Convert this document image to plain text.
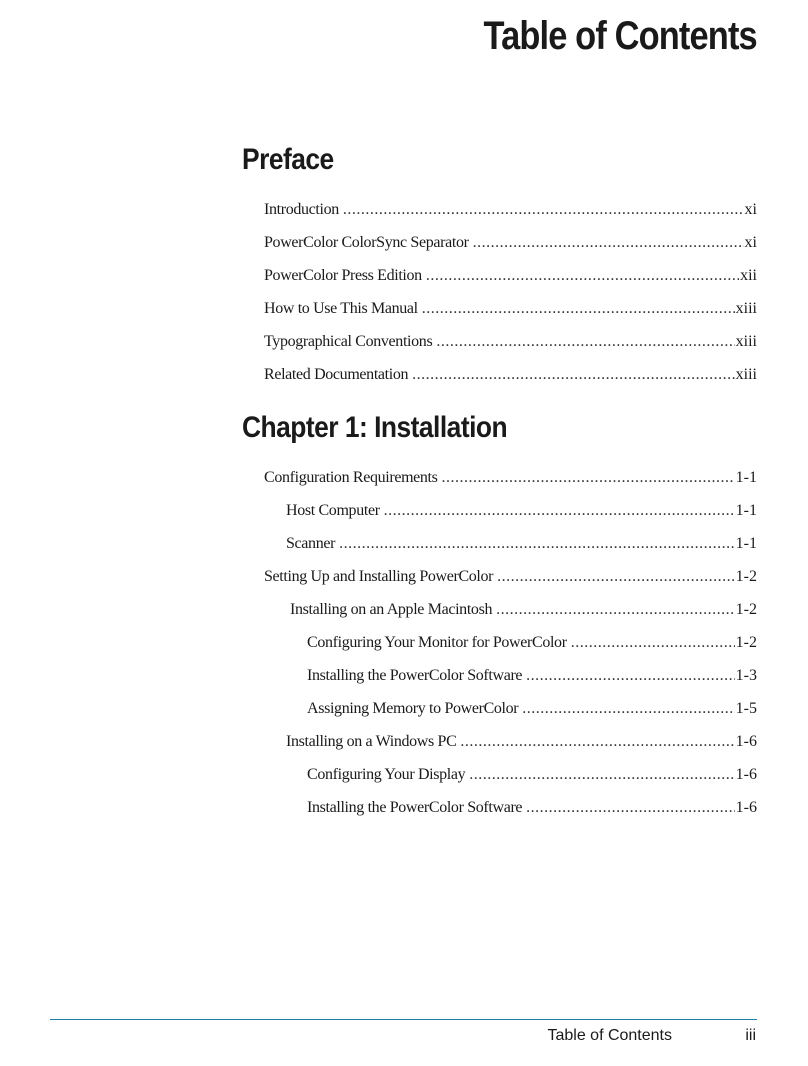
Table of Contents
Preface
Introduction .....	xi
PowerColor ColorSync Separator .....	xi
PowerColor Press Edition .....	xii
How to Use This Manual .....	xiii
Typographical Conventions .....	xiii
Related Documentation .....	xiii
Chapter 1: Installation
Configuration Requirements .....	1-1
Host Computer .....	1-1
Scanner .....	1-1
Setting Up and Installing PowerColor .....	1-2
Installing on an Apple Macintosh .....	1-2
Configuring Your Monitor for PowerColor .....	1-2
Installing the PowerColor Software .....	1-3
Assigning Memory to PowerColor .....	1-5
Installing on a Windows PC .....	1-6
Configuring Your Display .....	1-6
Installing the PowerColor Software .....	1-6
Table of Contents	iii
